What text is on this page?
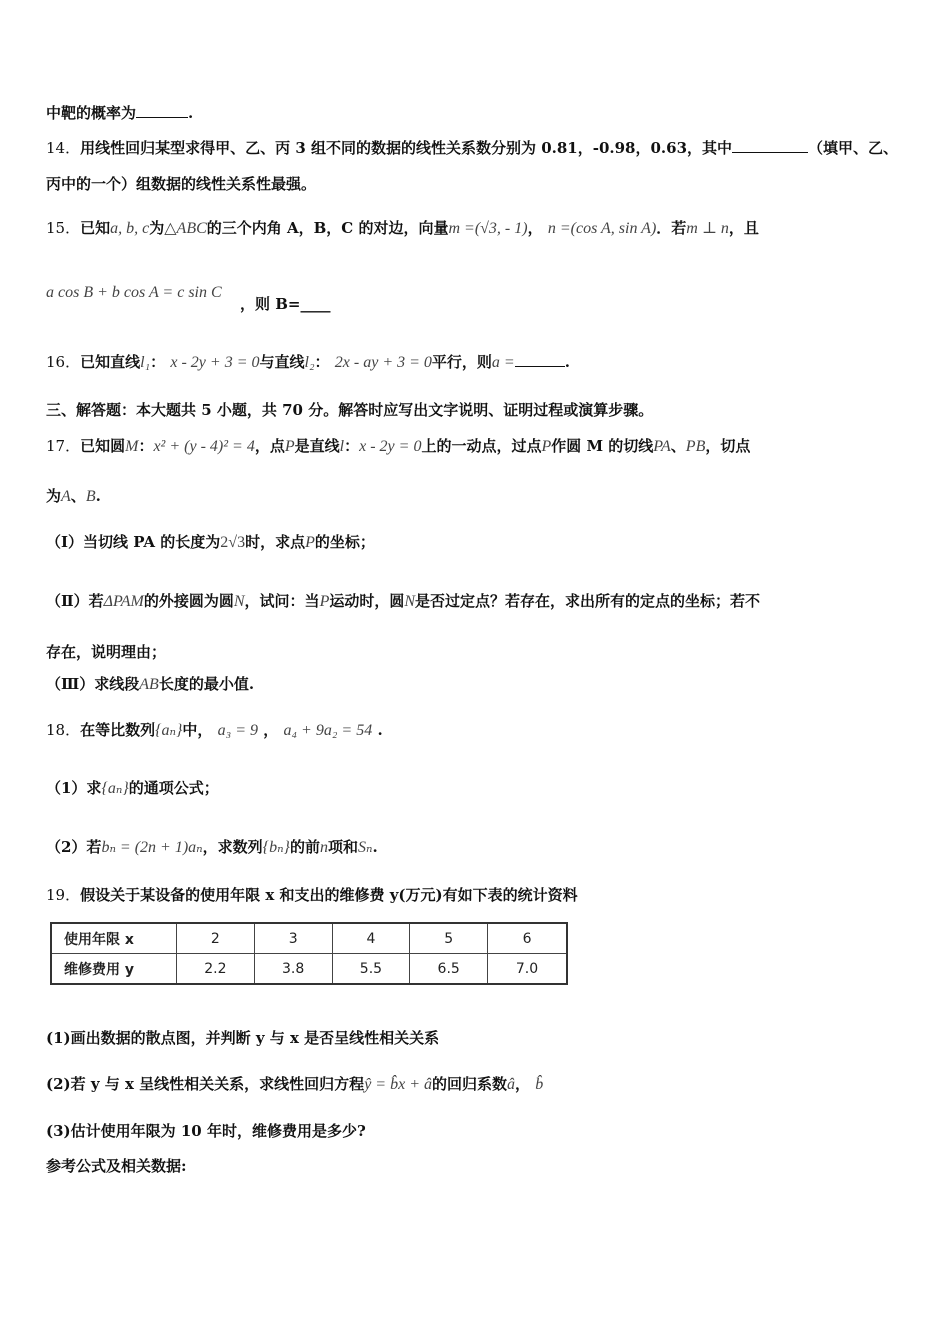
中靶的概率为	.
14．用线性回归某型求得甲、乙、丙 3 组不同的数据的线性关系数分别为 0.81，-0.98，0.63，其中	（填甲、乙、
丙中的一个）组数据的线性关系性最强。
15．已知a, b, c为△ABC的三个内角 A，B，C 的对边，向量m =(√3, - 1)， n =(cos A, sin A)．若m ⊥ n，且
a cos B + b cos A = c sin C
，则 B=____
16．已知直线l₁： x - 2y + 3 = 0与直线l₂： 2x - ay + 3 = 0平行，则a =	.
三、解答题：本大题共 5 小题，共 70 分。解答时应写出文字说明、证明过程或演算步骤。
17．已知圆M：x² + (y - 4)² = 4，点P是直线l：x - 2y = 0上的一动点，过点P作圆 M 的切线PA、PB，切点
为A、B.
（Ⅰ）当切线 PA 的长度为2√3时，求点P的坐标；
（Ⅱ）若ΔPAM的外接圆为圆N，试问：当P运动时，圆N是否过定点？若存在，求出所有的定点的坐标；若不
存在，说明理由；
（Ⅲ）求线段AB长度的最小值.
18．在等比数列{aₙ}中， a₃ = 9 ， a₄ + 9a₂ = 54 .
（1）求{aₙ}的通项公式；
（2）若bₙ = (2n + 1)aₙ，求数列{bₙ}的前n项和Sₙ.
19．假设关于某设备的使用年限 x 和支出的维修费 y(万元)有如下表的统计资料
使用年限 x	2	3	4	5	6
维修费用 y	2.2	3.8	5.5	6.5	7.0
(1)画出数据的散点图，并判断 y 与 x 是否呈线性相关关系
(2)若 y 与 x 呈线性相关关系，求线性回归方程ŷ = b̂x + â的回归系数â， b̂
(3)估计使用年限为 10 年时，维修费用是多少?
参考公式及相关数据:
